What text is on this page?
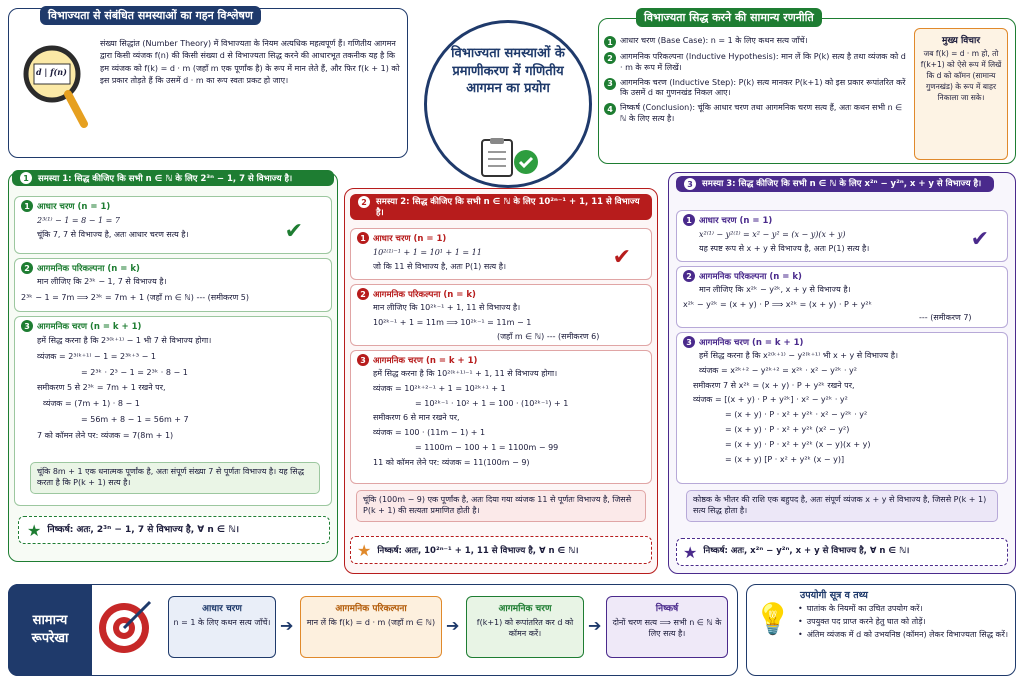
विभाज्यता से संबंधित समस्याओं का गहन विश्लेषण
d | f(n)
संख्या सिद्धांत (Number Theory) में विभाज्यता के नियम अत्यधिक महत्वपूर्ण हैं। गणितीय आगमन द्वारा किसी व्यंजक f(n) की किसी संख्या d से विभाज्यता सिद्ध करने की आधारभूत तकनीक यह है कि हम व्यंजक को f(k) = d · m (जहाँ m एक पूर्णांक है) के रूप में मान लेते हैं, और फिर f(k + 1) को इस प्रकार तोड़ते हैं कि उसमें d · m का रूप स्वतः प्रकट हो जाए।
विभाज्यता समस्याओं के प्रमाणीकरण में गणितीय आगमन का प्रयोग
विभाज्यता सिद्ध करने की सामान्य रणनीति
1 आधार चरण (Base Case): n = 1 के लिए कथन सत्य जाँचें।
2 आगमनिक परिकल्पना (Inductive Hypothesis): मान लें कि P(k) सत्य है तथा व्यंजक को d · m के रूप में लिखें।
3 आगमनिक चरण (Inductive Step): P(k) सत्य मानकर P(k+1) को इस प्रकार रूपांतरित करें कि उसमें d का गुणनखंड निकल आए।
4 निष्कर्ष (Conclusion): चूंकि आधार चरण तथा आगमनिक चरण सत्य हैं, अतः कथन सभी n ∈ ℕ के लिए सत्य है।
मुख्य विचार
जब f(k) = d · m हो, तो f(k+1) को ऐसे रूप में लिखें कि d को कॉमन (सामान्य गुणनखंड) के रूप में बाहर निकाला जा सके।
1	समस्या 1: सिद्ध कीजिए कि सभी n ∈ ℕ के लिए 2³ⁿ − 1, 7 से विभाज्य है।
1 आधार चरण (n = 1)
2³⁽¹⁾ − 1 = 8 − 1 = 7
चूंकि 7, 7 से विभाज्य है, अतः आधार चरण सत्य है।	✔
2 आगमनिक परिकल्पना (n = k)
मान लीजिए कि 2³ᵏ − 1, 7 से विभाज्य है।
2³ᵏ − 1 = 7m ⟹ 2³ᵏ = 7m + 1 (जहाँ m ∈ ℕ) --- (समीकरण 5)
3 आगमनिक चरण (n = k + 1)
हमें सिद्ध करना है कि 2³⁽ᵏ⁺¹⁾ − 1 भी 7 से विभाज्य होगा।
व्यंजक = 2³⁽ᵏ⁺¹⁾ − 1 = 2³ᵏ⁺³ − 1
= 2³ᵏ · 2³ − 1 = 2³ᵏ · 8 − 1
समीकरण 5 से 2³ᵏ = 7m + 1 रखने पर,
व्यंजक = (7m + 1) · 8 − 1
= 56m + 8 − 1 = 56m + 7
7 को कॉमन लेने पर: व्यंजक = 7(8m + 1)
चूंकि 8m + 1 एक धनात्मक पूर्णांक है, अतः संपूर्ण संख्या 7 से पूर्णतः विभाज्य है। यह सिद्ध करता है कि P(k + 1) सत्य है।
★ निष्कर्ष: अतः, 2³ⁿ − 1, 7 से विभाज्य है, ∀ n ∈ ℕ।
2	समस्या 2: सिद्ध कीजिए कि सभी n ∈ ℕ के लिए 10²ⁿ⁻¹ + 1, 11 से विभाज्य है।
1 आधार चरण (n = 1)
10²⁽¹⁾⁻¹ + 1 = 10¹ + 1 = 11
जो कि 11 से विभाज्य है, अतः P(1) सत्य है।	✔
2 आगमनिक परिकल्पना (n = k)
मान लीजिए कि 10²ᵏ⁻¹ + 1, 11 से विभाज्य है।
10²ᵏ⁻¹ + 1 = 11m ⟹ 10²ᵏ⁻¹ = 11m − 1
(जहाँ m ∈ ℕ) --- (समीकरण 6)
3 आगमनिक चरण (n = k + 1)
हमें सिद्ध करना है कि 10²⁽ᵏ⁺¹⁾⁻¹ + 1, 11 से विभाज्य होगा।
व्यंजक = 10²ᵏ⁺²⁻¹ + 1 = 10²ᵏ⁺¹ + 1
= 10²ᵏ⁻¹ · 10² + 1 = 100 · (10²ᵏ⁻¹) + 1
समीकरण 6 से मान रखने पर,
व्यंजक = 100 · (11m − 1) + 1
= 1100m − 100 + 1 = 1100m − 99
11 को कॉमन लेने पर: व्यंजक = 11(100m − 9)
चूंकि (100m − 9) एक पूर्णांक है, अतः दिया गया व्यंजक 11 से पूर्णतः विभाज्य है, जिससे P(k + 1) की सत्यता प्रमाणित होती है।
★ निष्कर्ष: अतः, 10²ⁿ⁻¹ + 1, 11 से विभाज्य है, ∀ n ∈ ℕ।
3	समस्या 3: सिद्ध कीजिए कि सभी n ∈ ℕ के लिए x²ⁿ − y²ⁿ, x + y से विभाज्य है।
1 आधार चरण (n = 1)
x²⁽¹⁾ − y²⁽¹⁾ = x² − y² = (x − y)(x + y)
यह स्पष्ट रूप से x + y से विभाज्य है, अतः P(1) सत्य है।	✔
2 आगमनिक परिकल्पना (n = k)
मान लीजिए कि x²ᵏ − y²ᵏ, x + y से विभाज्य है।
x²ᵏ − y²ᵏ = (x + y) · P ⟹ x²ᵏ = (x + y) · P + y²ᵏ
--- (समीकरण 7)
3 आगमनिक चरण (n = k + 1)
हमें सिद्ध करना है कि x²⁽ᵏ⁺¹⁾ − y²⁽ᵏ⁺¹⁾ भी x + y से विभाज्य है।
व्यंजक = x²ᵏ⁺² − y²ᵏ⁺² = x²ᵏ · x² − y²ᵏ · y²
समीकरण 7 से x²ᵏ = (x + y) · P + y²ᵏ रखने पर,
व्यंजक = [(x + y) · P + y²ᵏ] · x² − y²ᵏ · y²
= (x + y) · P · x² + y²ᵏ · x² − y²ᵏ · y²
= (x + y) · P · x² + y²ᵏ (x² − y²)
= (x + y) · P · x² + y²ᵏ (x − y)(x + y)
= (x + y) [P · x² + y²ᵏ (x − y)]
कोष्ठक के भीतर की राशि एक बहुपद है, अतः संपूर्ण व्यंजक x + y से विभाज्य है, जिससे P(k + 1) सत्य सिद्ध होता है।
★ निष्कर्ष: अतः, x²ⁿ − y²ⁿ, x + y से विभाज्य है, ∀ n ∈ ℕ।
सामान्य रूपरेखा
आधार चरण
n = 1 के लिए कथन सत्य जाँचें। ➔
आगमनिक परिकल्पना
मान लें कि f(k) = d · m (जहाँ m ∈ ℕ) ➔
आगमनिक चरण
f(k+1) को रूपांतरित कर d को कॉमन करें।	➔
निष्कर्ष
दोनों चरण सत्य ⟹ सभी n ∈ ℕ के लिए सत्य है।	💡
उपयोगी सूत्र व तथ्य
• घातांक के नियमों का उचित उपयोग करें।
• उपयुक्त पद प्राप्त करने हेतु घात को तोड़ें।
• अंतिम व्यंजक में d को उभयनिष्ठ (कॉमन) लेकर विभाज्यता सिद्ध करें।
